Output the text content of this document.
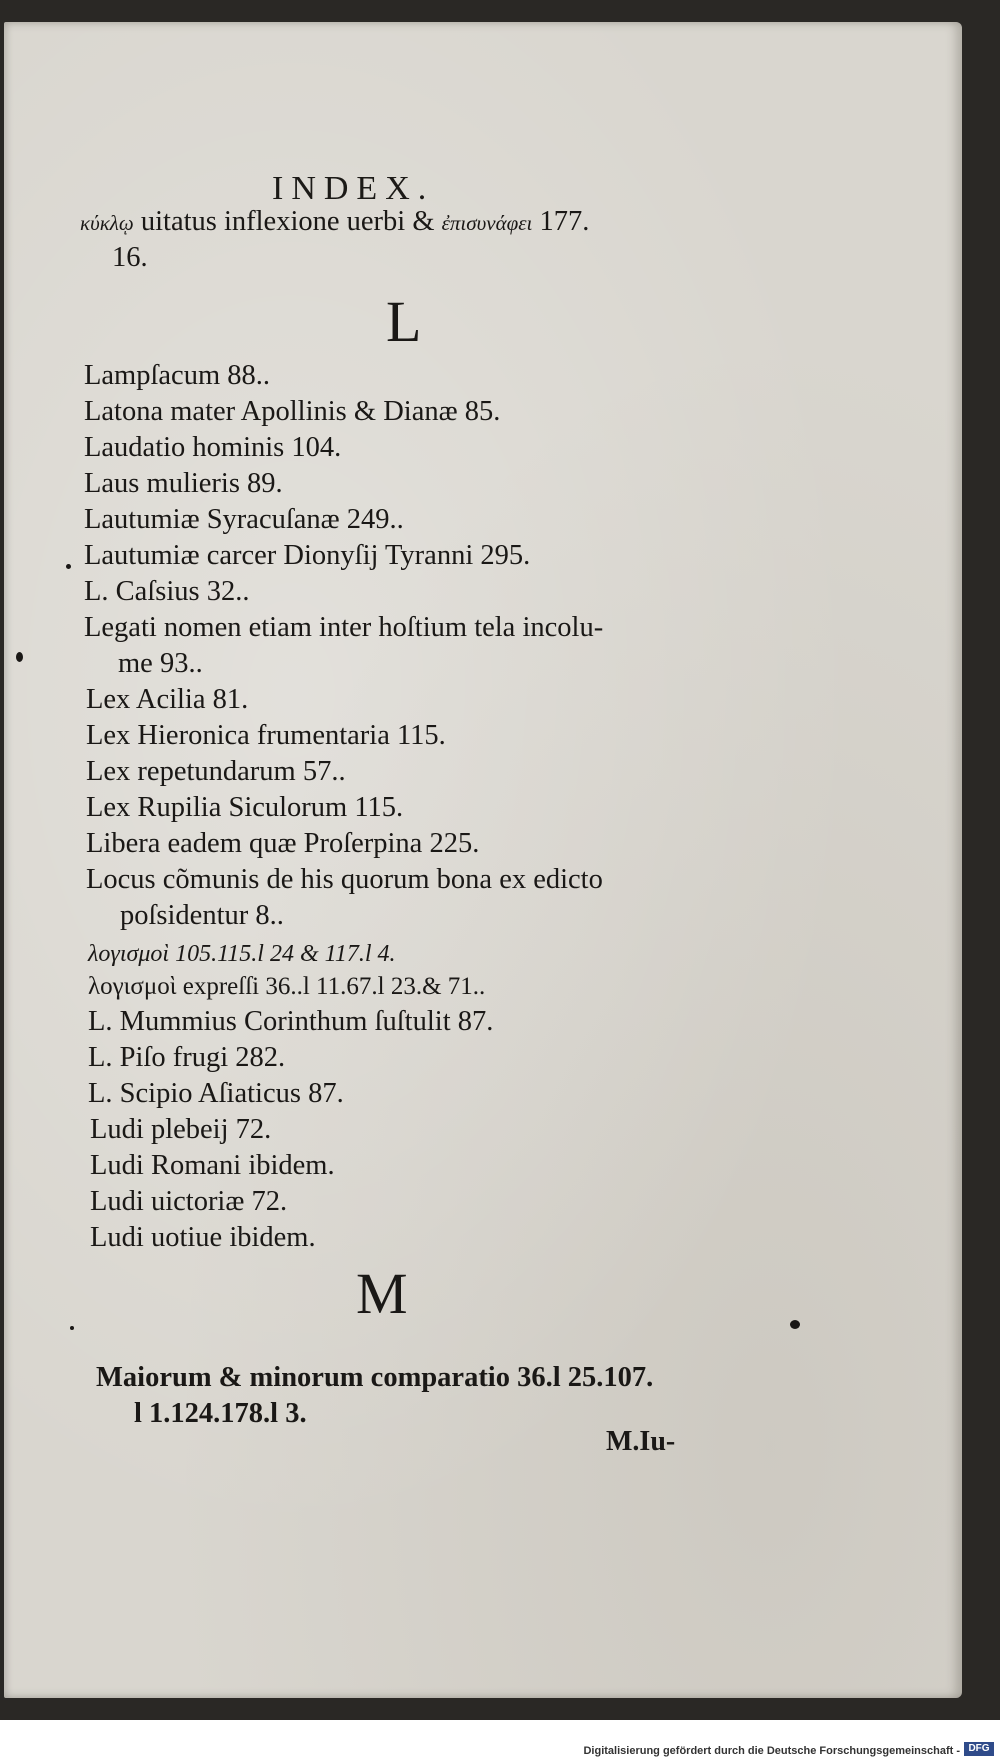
INDEX.
κύκλῳ uitatus inflexione uerbi & ἐπισυνάφει 177.
16.
L
Lampſacum 88..
Latona mater Apollinis & Dianæ 85.
Laudatio hominis 104.
Laus mulieris 89.
Lautumiæ Syracuſanæ 249..
Lautumiæ carcer Dionyſij Tyranni 295.
L. Caſsius 32..
Legati nomen etiam inter hoſtium tela incolu-
me 93..
Lex Acilia 81.
Lex Hieronica frumentaria 115.
Lex repetundarum 57..
Lex Rupilia Siculorum 115.
Libera eadem quæ Proſerpina 225.
Locus cõmunis de his quorum bona ex edicto
poſsidentur 8..
λογισμοὶ 105.115.l 24 & 117.l 4.
λογισμοὶ expreſſi 36..l 11.67.l 23.& 71..
L. Mummius Corinthum ſuſtulit 87.
L. Piſo frugi 282.
L. Scipio Aſiaticus 87.
Ludi plebeij 72.
Ludi Romani ibidem.
Ludi uictoriæ 72.
Ludi uotiue ibidem.
M
Maiorum & minorum comparatio 36.l 25.107.
l 1.124.178.l 3.
M.Iu-
Digitalisierung gefördert durch die Deutsche Forschungsgemeinschaft - DFG
